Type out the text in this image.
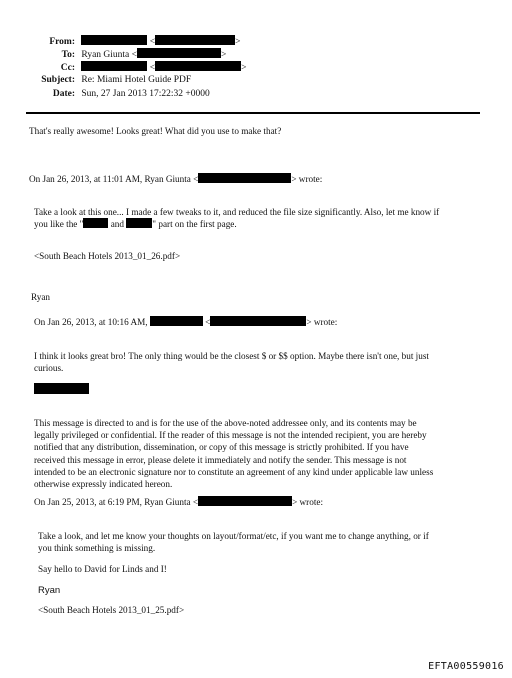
From:	<	>
To: Ryan Giunta <	>
Cc:	<	>
Subject: Re: Miami Hotel Guide PDF
Date: Sun, 27 Jan 2013 17:22:32 +0000
That's really awesome! Looks great! What did you use to make that?
On Jan 26, 2013, at 11:01 AM, Ryan Giunta <	> wrote:
Take a look at this one... I made a few tweaks to it, and reduced the file size significantly. Also, let me know if
you like the "	and	" part on the first page.
<South Beach Hotels 2013_01_26.pdf>
Ryan
On Jan 26, 2013, at 10:16 AM,	<	> wrote:
I think it looks great bro! The only thing would be the closest $ or $$ option. Maybe there isn't one, but just
curious.
This message is directed to and is for the use of the above-noted addressee only, and its contents may be
legally privileged or confidential. If the reader of this message is not the intended recipient, you are hereby
notified that any distribution, dissemination, or copy of this message is strictly prohibited. If you have
received this message in error, please delete it immediately and notify the sender. This message is not
intended to be an electronic signature nor to constitute an agreement of any kind under applicable law unless
otherwise expressly indicated hereon.
On Jan 25, 2013, at 6:19 PM, Ryan Giunta <	> wrote:
Take a look, and let me know your thoughts on layout/format/etc, if you want me to change anything, or if
you think something is missing.
Say hello to David for Linds and I!
Ryan
<South Beach Hotels 2013_01_25.pdf>
EFTA00559016
